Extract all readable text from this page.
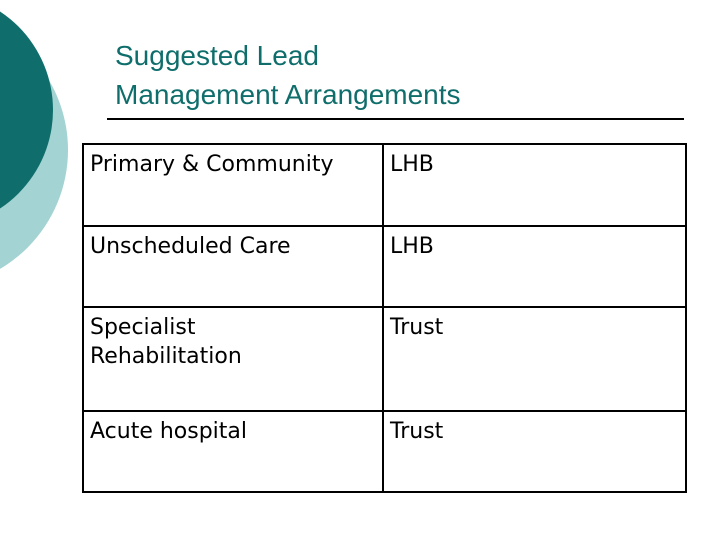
Suggested Lead
Management Arrangements
Primary & Community	LHB

Unscheduled Care	LHB

Specialist
Rehabilitation	Trust

Acute hospital	Trust
